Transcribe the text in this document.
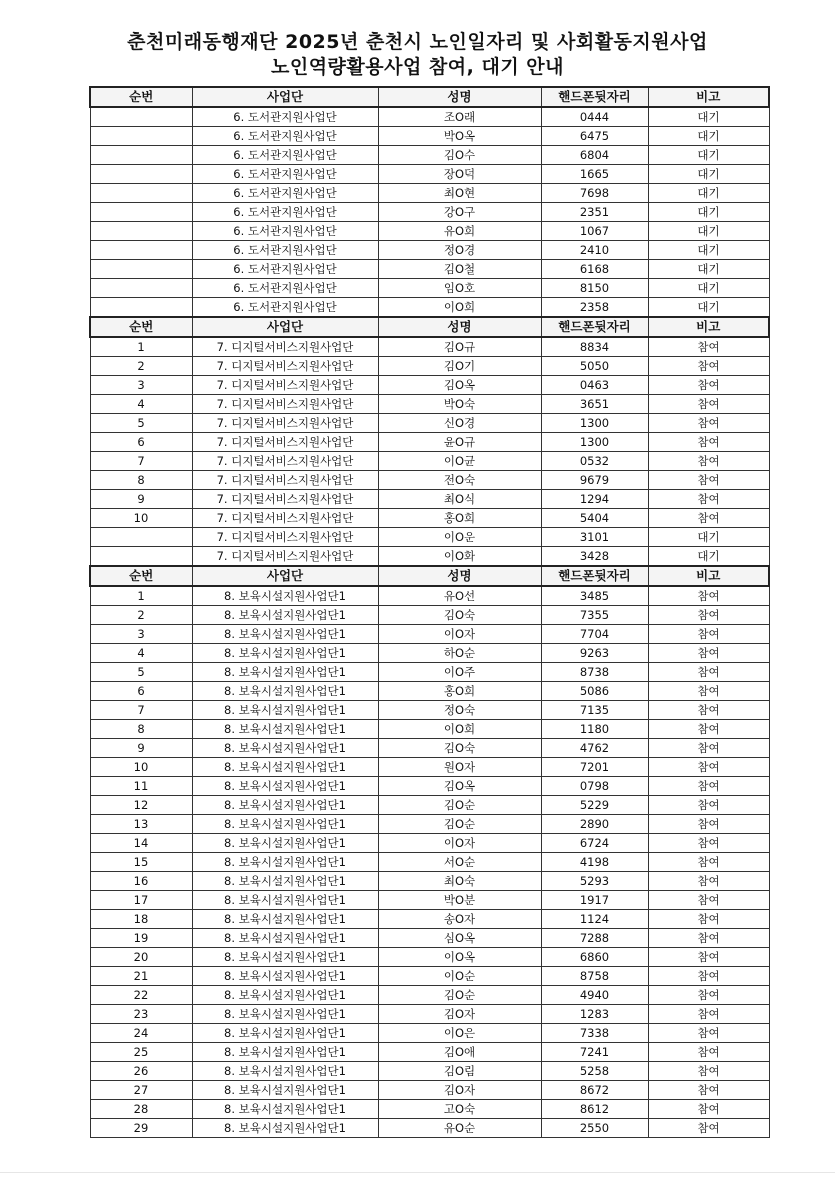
춘천미래동행재단 2025년 춘천시 노인일자리 및 사회활동지원사업
노인역량활용사업 참여, 대기 안내
순번	사업단	성명	핸드폰뒷자리	비고
	6. 도서관지원사업단	조O래	0444	대기
	6. 도서관지원사업단	박O옥	6475	대기
	6. 도서관지원사업단	김O수	6804	대기
	6. 도서관지원사업단	장O덕	1665	대기
	6. 도서관지원사업단	최O현	7698	대기
	6. 도서관지원사업단	강O구	2351	대기
	6. 도서관지원사업단	유O희	1067	대기
	6. 도서관지원사업단	정O경	2410	대기
	6. 도서관지원사업단	김O철	6168	대기
	6. 도서관지원사업단	임O호	8150	대기
	6. 도서관지원사업단	이O희	2358	대기
순번	사업단	성명	핸드폰뒷자리	비고
1	7. 디지털서비스지원사업단	김O규	8834	참여
2	7. 디지털서비스지원사업단	김O기	5050	참여
3	7. 디지털서비스지원사업단	김O옥	0463	참여
4	7. 디지털서비스지원사업단	박O숙	3651	참여
5	7. 디지털서비스지원사업단	신O경	1300	참여
6	7. 디지털서비스지원사업단	윤O규	1300	참여
7	7. 디지털서비스지원사업단	이O균	0532	참여
8	7. 디지털서비스지원사업단	전O숙	9679	참여
9	7. 디지털서비스지원사업단	최O식	1294	참여
10	7. 디지털서비스지원사업단	홍O희	5404	참여
	7. 디지털서비스지원사업단	이O운	3101	대기
	7. 디지털서비스지원사업단	이O화	3428	대기
순번	사업단	성명	핸드폰뒷자리	비고
1	8. 보육시설지원사업단1	유O선	3485	참여
2	8. 보육시설지원사업단1	김O숙	7355	참여
3	8. 보육시설지원사업단1	이O자	7704	참여
4	8. 보육시설지원사업단1	하O순	9263	참여
5	8. 보육시설지원사업단1	이O주	8738	참여
6	8. 보육시설지원사업단1	홍O희	5086	참여
7	8. 보육시설지원사업단1	정O숙	7135	참여
8	8. 보육시설지원사업단1	이O희	1180	참여
9	8. 보육시설지원사업단1	김O숙	4762	참여
10	8. 보육시설지원사업단1	원O자	7201	참여
11	8. 보육시설지원사업단1	김O옥	0798	참여
12	8. 보육시설지원사업단1	김O순	5229	참여
13	8. 보육시설지원사업단1	김O순	2890	참여
14	8. 보육시설지원사업단1	이O자	6724	참여
15	8. 보육시설지원사업단1	서O순	4198	참여
16	8. 보육시설지원사업단1	최O숙	5293	참여
17	8. 보육시설지원사업단1	박O분	1917	참여
18	8. 보육시설지원사업단1	송O자	1124	참여
19	8. 보육시설지원사업단1	심O옥	7288	참여
20	8. 보육시설지원사업단1	이O옥	6860	참여
21	8. 보육시설지원사업단1	이O순	8758	참여
22	8. 보육시설지원사업단1	김O순	4940	참여
23	8. 보육시설지원사업단1	김O자	1283	참여
24	8. 보육시설지원사업단1	이O은	7338	참여
25	8. 보육시설지원사업단1	김O애	7241	참여
26	8. 보육시설지원사업단1	김O림	5258	참여
27	8. 보육시설지원사업단1	김O자	8672	참여
28	8. 보육시설지원사업단1	고O숙	8612	참여
29	8. 보육시설지원사업단1	유O순	2550	참여
